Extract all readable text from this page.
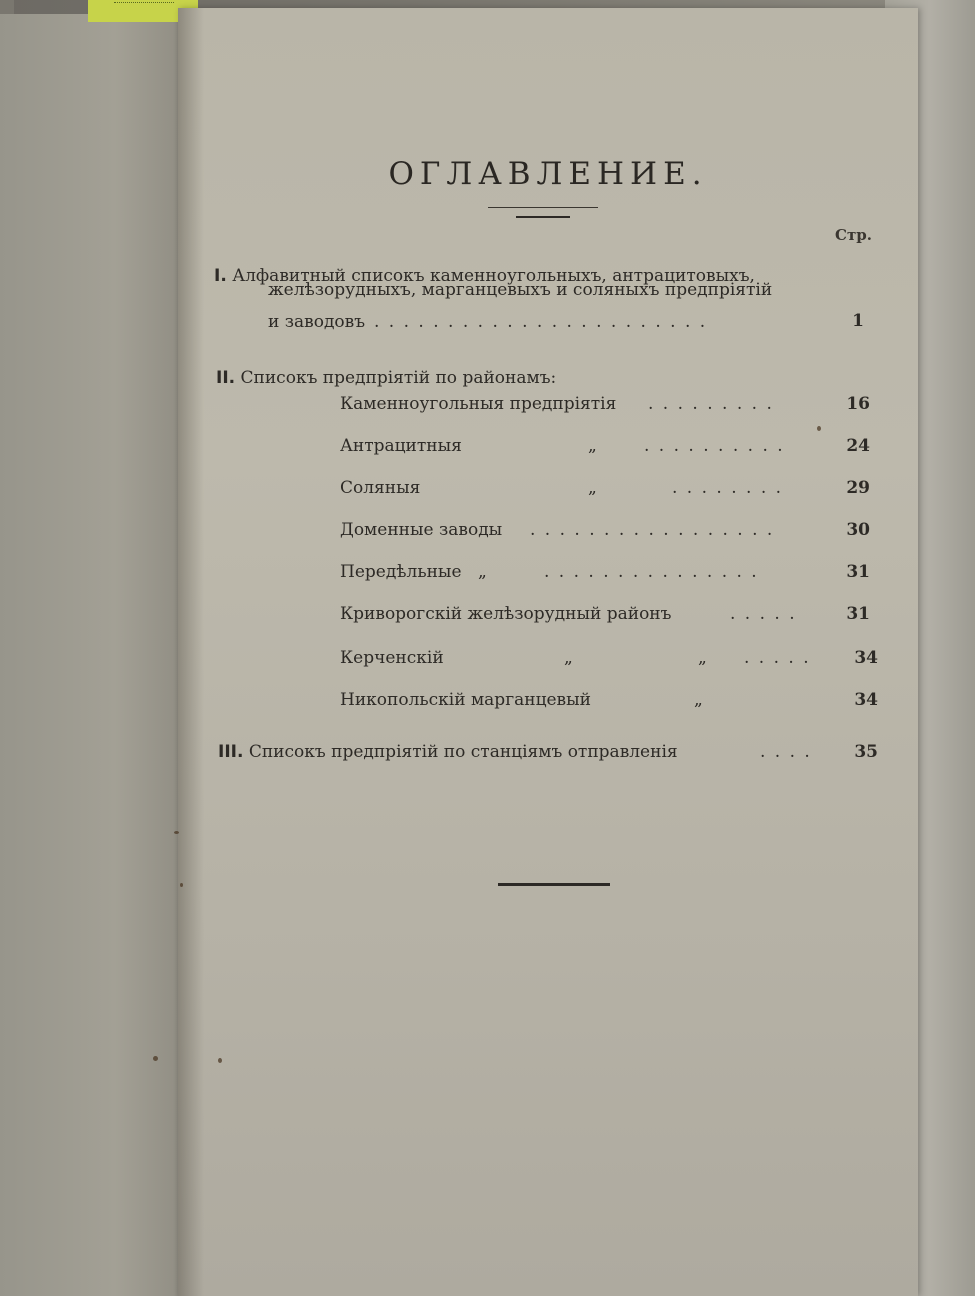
ОГЛАВЛЕНИЕ.
Стр.
I. Алфавитный списокъ каменноугольныхъ, антрацитовыхъ,
желѣзорудныхъ, марганцевыхъ и соляныхъ предпріятій
и заводовъ . . . . . . . . . . . . . . . . . . . . . . .	1
II. Списокъ предпріятій по районамъ:
Каменноугольныя предпріятія . . . . . . . . .	16
Антрацитныя	„	. . . . . . . . . .	24
Соляныя	„	. . . . . . . .	29
Доменные заводы . . . . . . . . . . . . . . . . .	30
Передѣльные „	. . . . . . . . . . . . . . .	31
Криворогскій желѣзорудный районъ	. . . . .	31
Керченскій	„	„ . . . . .	34
Никопольскій марганцевый	„	34
III. Списокъ предпріятій по станціямъ отправленія	. . . .	35
